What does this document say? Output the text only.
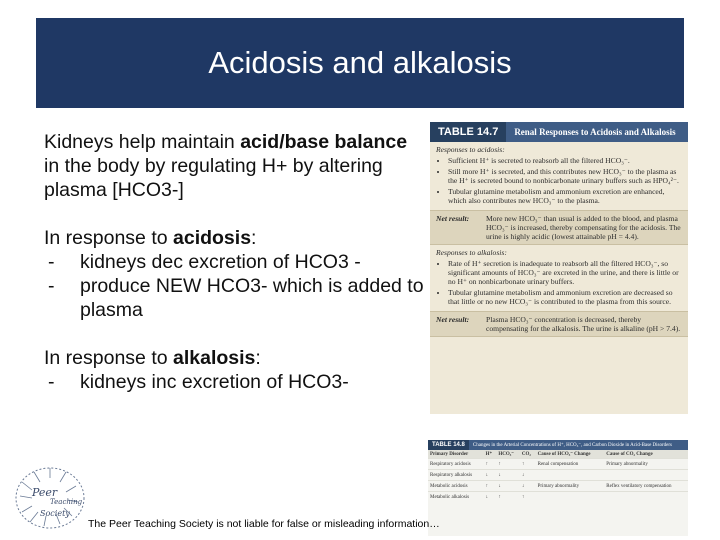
Acidosis and alkalosis

Kidneys help maintain acid/base balance in the body by regulating H+ by altering plasma [HCO3-]

In response to acidosis:

- kidneys dec excretion of HCO3 -
- produce NEW HCO3- which is added to plasma

In response to alkalosis:

- kidneys inc excretion of HCO3-
TABLE 14.7	Renal Responses to Acidosis and Alkalosis
Responses to acidosis:
• Sufficient H⁺ is secreted to reabsorb all the filtered HCO₃⁻.
• Still more H⁺ is secreted, and this contributes new HCO₃⁻ to the plasma as the H⁺ is secreted bound to nonbicarbonate urinary buffers such as HPO₄²⁻.
• Tubular glutamine metabolism and ammonium excretion are enhanced, which also contributes new HCO₃⁻ to the plasma.
Net result:	More new HCO₃⁻ than usual is added to the blood, and plasma HCO₃⁻ is increased, thereby compensating for the acidosis. The urine is highly acidic (lowest attainable pH = 4.4).
Responses to alkalosis:
• Rate of H⁺ secretion is inadequate to reabsorb all the filtered HCO₃⁻, so significant amounts of HCO₃⁻ are excreted in the urine, and there is little or no H⁺ on nonbicarbonate urinary buffers.
• Tubular glutamine metabolism and ammonium excretion are decreased so that little or no new HCO₃⁻ is contributed to the plasma from this source.
Net result:	Plasma HCO₃⁻ concentration is decreased, thereby compensating for the alkalosis. The urine is alkaline (pH > 7.4).
TABLE 14.8	Changes in the Arterial Concentrations of H⁺, HCO₃⁻, and Carbon Dioxide in Acid-Base Disorders
Primary Disorder	H⁺	HCO₃⁻	CO₂	Cause of HCO₃⁻ Change	Cause of CO₂ Change
Respiratory acidosis	↑	↑	↑	Renal compensation	Primary abnormality
Respiratory alkalosis	↓	↓	↓		
Metabolic acidosis	↑	↓	↓	Primary abnormality	Reflex ventilatory compensation
Metabolic alkalosis	↓	↑	↑		
Peer
Teaching
Society
The Peer Teaching Society is not liable for false or misleading information…
